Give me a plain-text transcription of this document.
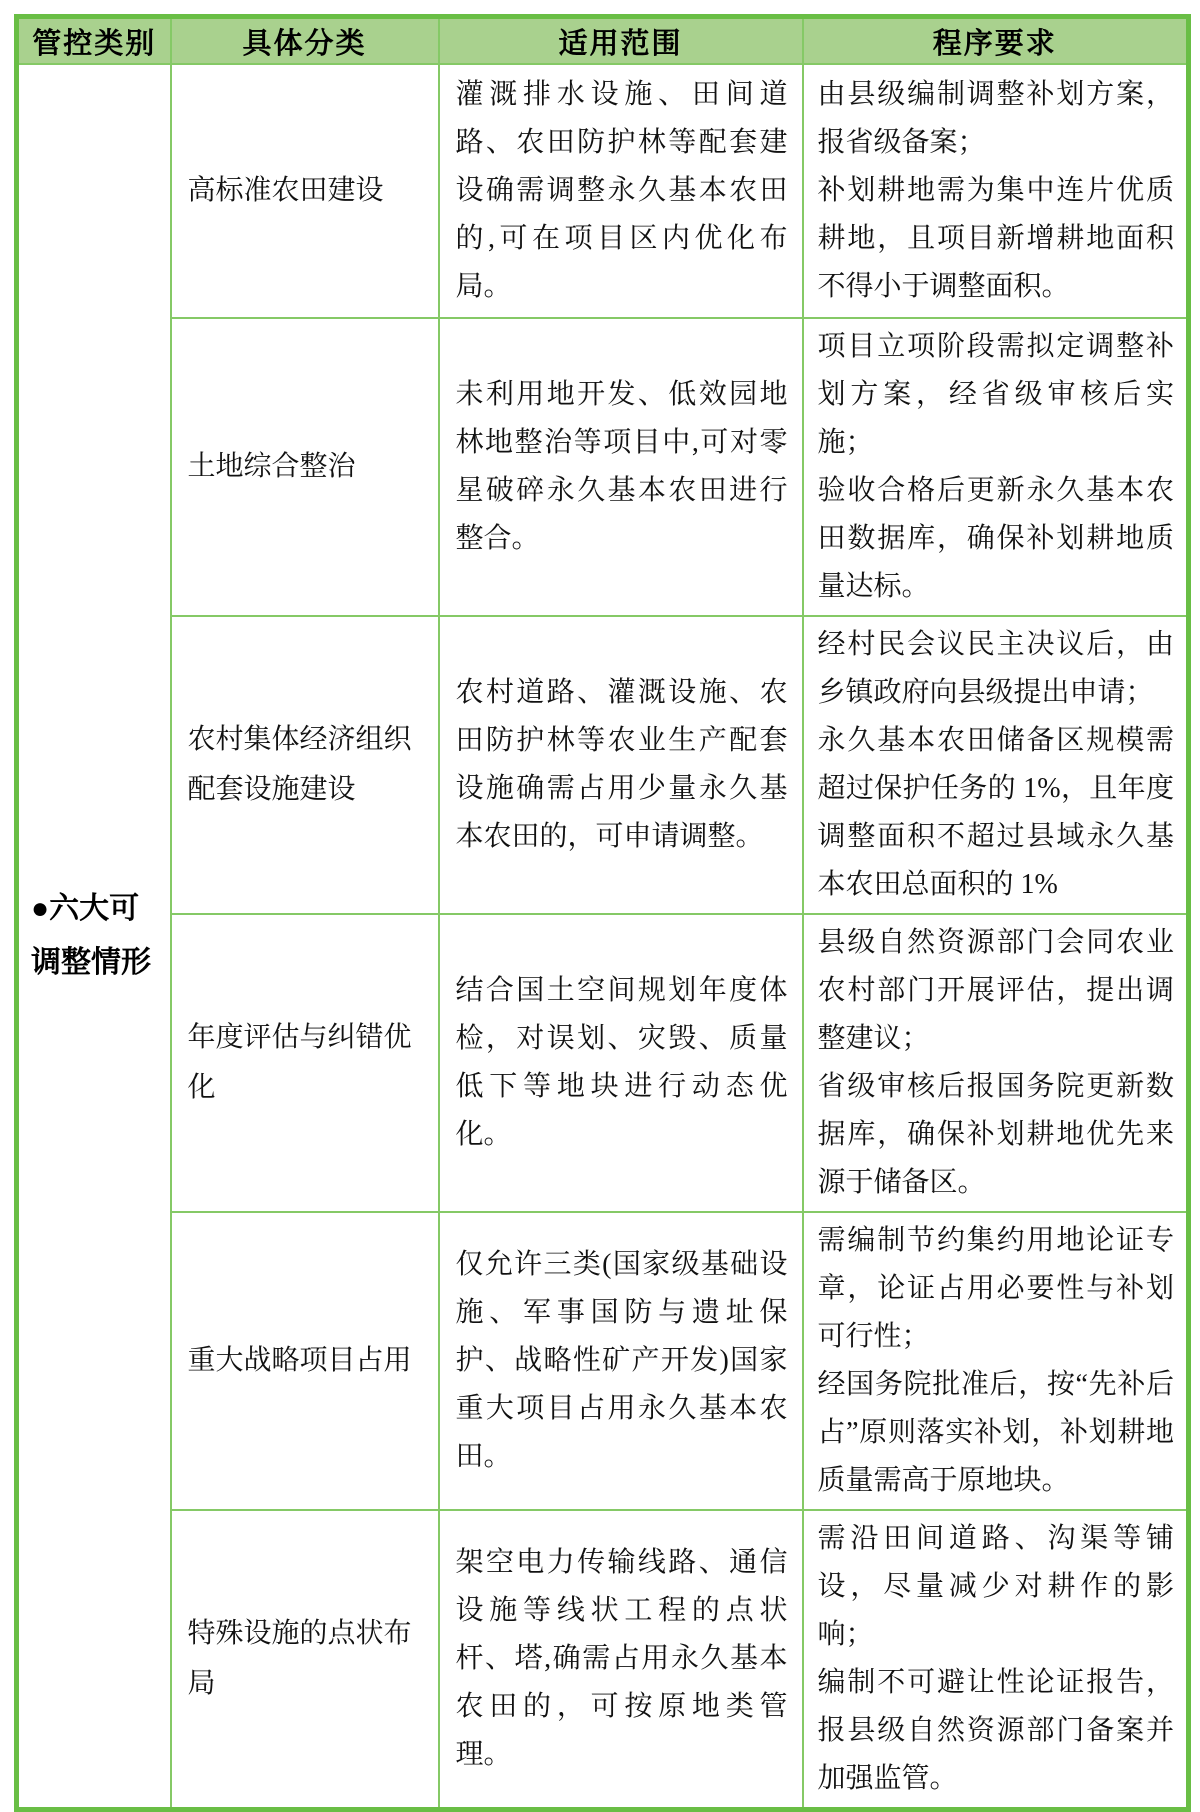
管控类别	具体分类	适用范围	程序要求
●六大可调整情形	高标准农田建设	灌溉排水设施、田间道路、农田防护林等配套建设确需调整永久基本农田的,可在项目区内优化布局。	由县级编制调整补划方案，报省级备案；

补划耕地需为集中连片优质耕地，且项目新增耕地面积不得小于调整面积。

	土地综合整治	未利用地开发、低效园地林地整治等项目中,可对零星破碎永久基本农田进行整合。	项目立项阶段需拟定调整补划方案，经省级审核后实施；

验收合格后更新永久基本农田数据库，确保补划耕地质量达标。

	农村集体经济组织配套设施建设	农村道路、灌溉设施、农田防护林等农业生产配套设施确需占用少量永久基本农田的，可申请调整。	经村民会议民主决议后，由乡镇政府向县级提出申请；

永久基本农田储备区规模需超过保护任务的 1%，且年度调整面积不超过县域永久基本农田总面积的 1%

	年度评估与纠错优化	结合国土空间规划年度体检，对误划、灾毁、质量低下等地块进行动态优化。	县级自然资源部门会同农业农村部门开展评估，提出调整建议；

省级审核后报国务院更新数据库，确保补划耕地优先来源于储备区。

	重大战略项目占用	仅允许三类(国家级基础设施、军事国防与遗址保护、战略性矿产开发)国家重大项目占用永久基本农田。	需编制节约集约用地论证专章，论证占用必要性与补划可行性；

经国务院批准后，按“先补后占”原则落实补划，补划耕地质量需高于原地块。

	特殊设施的点状布局	架空电力传输线路、通信设施等线状工程的点状杆、塔,确需占用永久基本农田的，可按原地类管理。	需沿田间道路、沟渠等铺设，尽量减少对耕作的影响；

编制不可避让性论证报告，报县级自然资源部门备案并加强监管。
